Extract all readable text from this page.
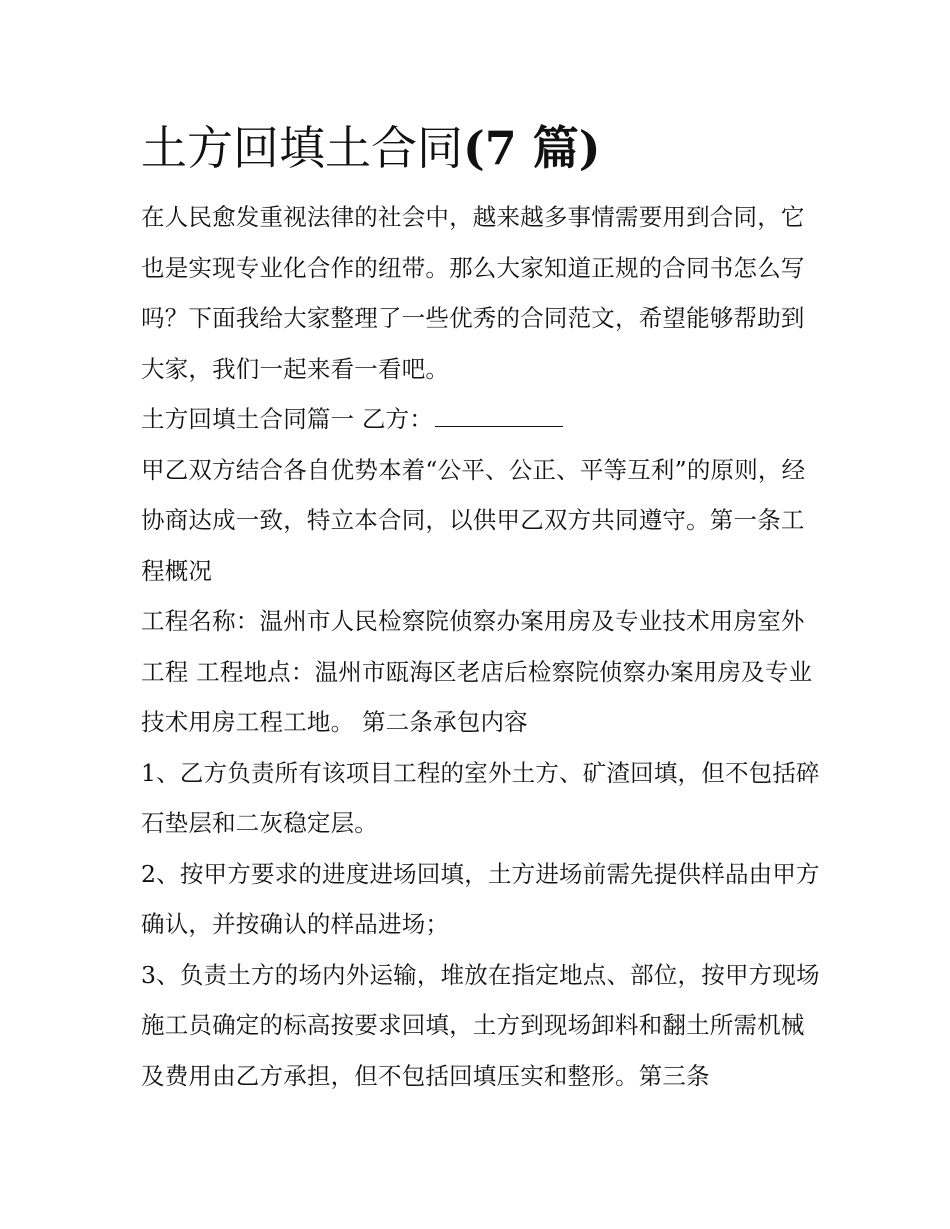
土方回填土合同(7 篇)

在人民愈发重视法律的社会中，越来越多事情需要用到合同，它也是实现专业化合作的纽带。那么大家知道正规的合同书怎么写吗？下面我给大家整理了一些优秀的合同范文，希望能够帮助到大家，我们一起来看一看吧。

土方回填土合同篇一 乙方：

甲乙双方结合各自优势本着“公平、公正、平等互利”的原则，经协商达成一致，特立本合同，以供甲乙双方共同遵守。第一条工程概况

工程名称：温州市人民检察院侦察办案用房及专业技术用房室外工程 工程地点：温州市瓯海区老店后检察院侦察办案用房及专业技术用房工程工地。 第二条承包内容

1、乙方负责所有该项目工程的室外土方、矿渣回填，但不包括碎石垫层和二灰稳定层。

2、按甲方要求的进度进场回填，土方进场前需先提供样品由甲方确认，并按确认的样品进场；

3、负责土方的场内外运输，堆放在指定地点、部位，按甲方现场施工员确定的标高按要求回填，土方到现场卸料和翻土所需机械及费用由乙方承担，但不包括回填压实和整形。第三条
